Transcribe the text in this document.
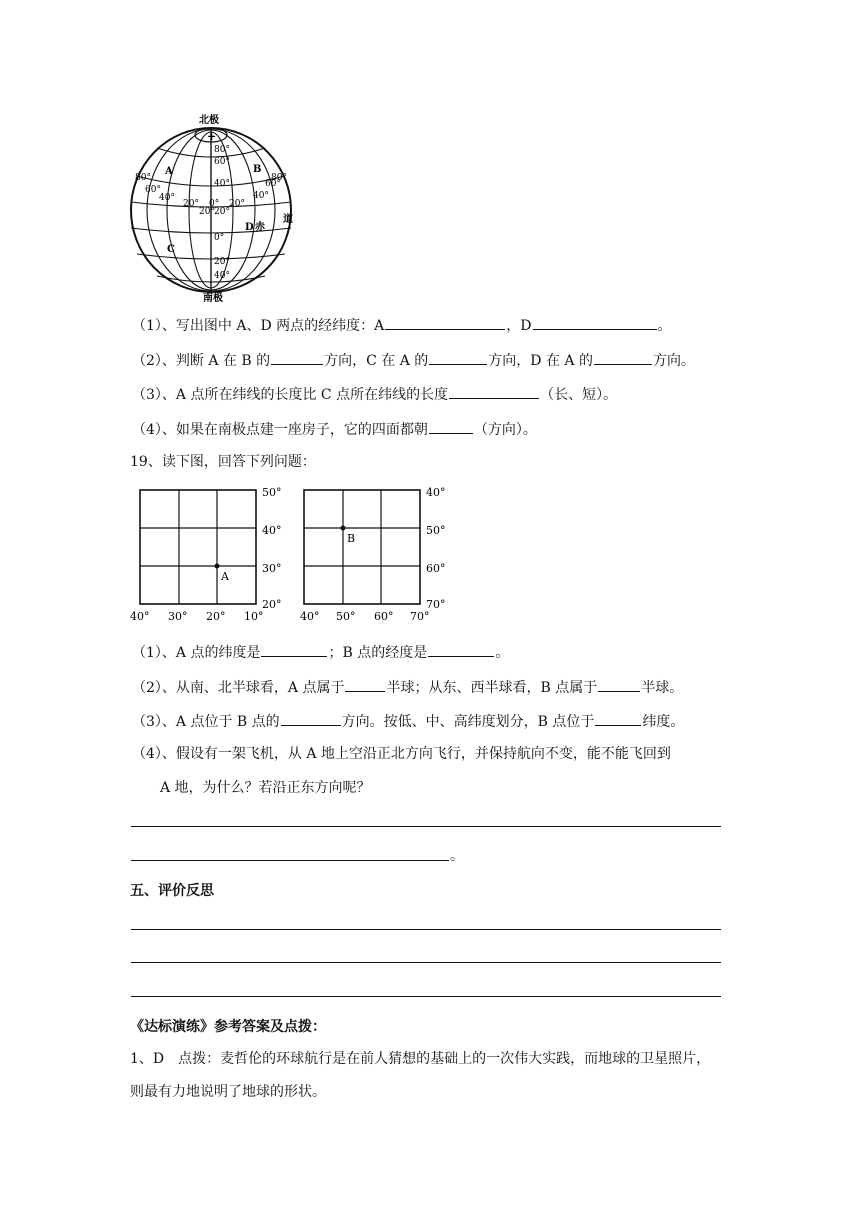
+
北极
南极
80°
60°
40°
0°
20°
40°
20°
80°
60°
40°
20°
40°
60°
80°
20°
0°
20°
A	B
C
D 赤
道
（1）、写出图中 A、D 两点的经纬度：A	，D	。
（2）、判断 A 在 B 的	方向，C 在 A 的	方向，D 在 A 的	方向。
（3）、A 点所在纬线的长度比 C 点所在纬线的长度	（长、短）。
（4）、如果在南极点建一座房子，它的四面都朝	（方向）。
19、读下图，回答下列问题：
A
50°
40°
30°
20°
40° 30° 20° 10°
B
40°
50°
60°
70°
40° 50° 60° 70°
（1）、A 点的纬度是	；B 点的经度是	。
（2）、从南、北半球看，A 点属于	半球；从东、西半球看，B 点属于	半球。
（3）、A 点位于 B 点的	方向。按低、中、高纬度划分，B 点位于	纬度。
（4）、假设有一架飞机，从 A 地上空沿正北方向飞行，并保持航向不变，能不能飞回到
A 地，为什么？若沿正东方向呢？
。
五、评价反思
《达标演练》参考答案及点拨：
1、D　点拨：麦哲伦的环球航行是在前人猜想的基础上的一次伟大实践，而地球的卫星照片，
则最有力地说明了地球的形状。
